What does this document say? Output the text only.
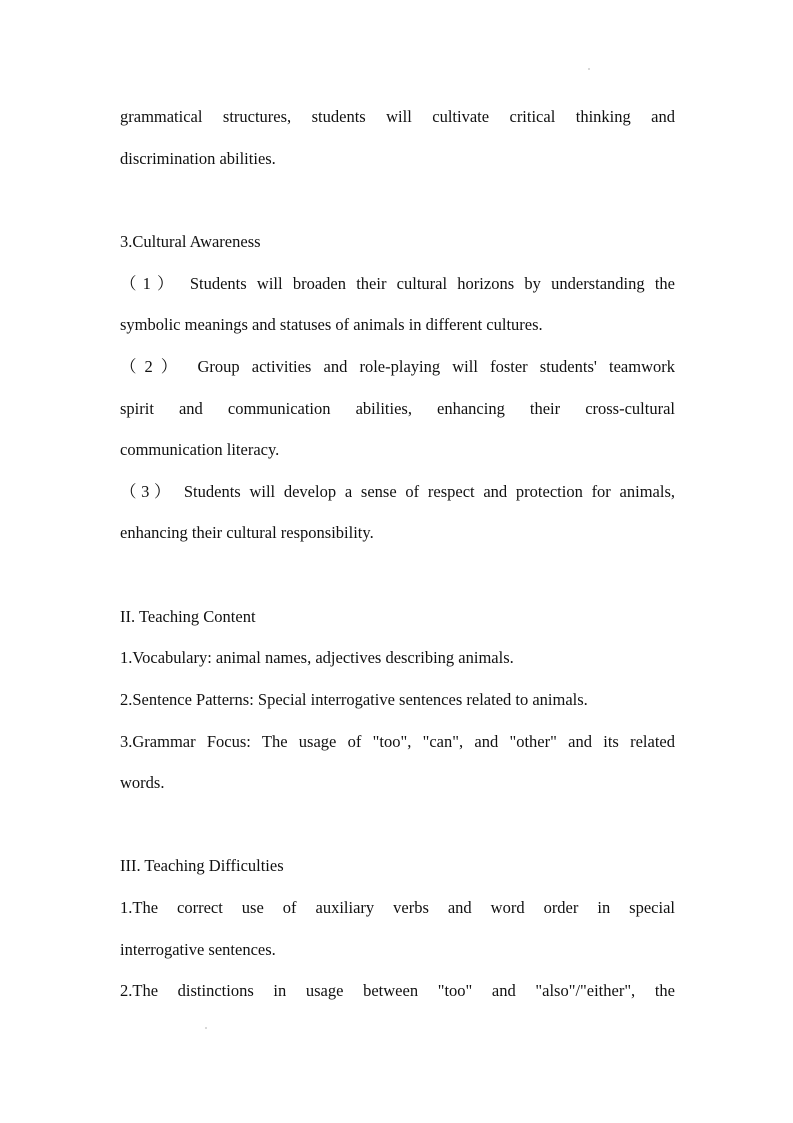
grammatical structures, students will cultivate critical thinking and
discrimination abilities.
3.Cultural Awareness
（1） Students will broaden their cultural horizons by understanding the
symbolic meanings and statuses of animals in different cultures.
（2） Group activities and role-playing will foster students' teamwork
spirit and communication abilities, enhancing their cross-cultural
communication literacy.
（3） Students will develop a sense of respect and protection for animals,
enhancing their cultural responsibility.
II. Teaching Content
1.Vocabulary: animal names, adjectives describing animals.
2.Sentence Patterns: Special interrogative sentences related to animals.
3.Grammar Focus: The usage of "too", "can", and "other" and its related
words.
III. Teaching Difficulties
1.The correct use of auxiliary verbs and word order in special
interrogative sentences.
2.The distinctions in usage between "too" and "also"/"either", the
